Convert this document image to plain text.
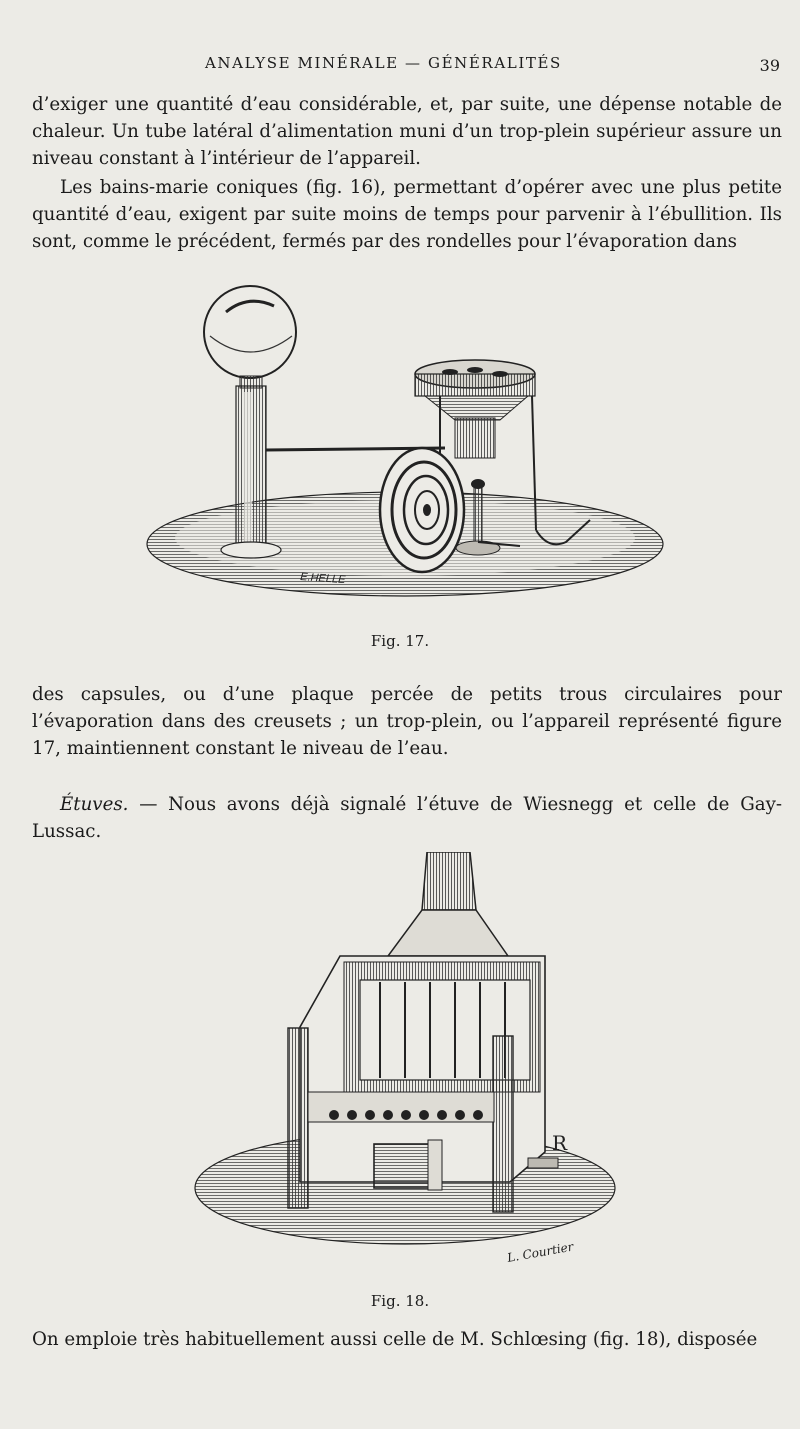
ANALYSE MINÉRALE — GÉNÉRALITÉS	39

d’exiger une quantité d’eau considérable, et, par suite, une dépense notable de chaleur. Un tube latéral d’alimentation muni d’un trop-plein supérieur assure un niveau constant à l’intérieur de l’appareil.

Les bains-marie coniques (fig. 16), permettant d’opérer avec une plus petite quantité d’eau, exigent par suite moins de temps pour parvenir à l’ébullition. Ils sont, comme le précédent, fermés par des rondelles pour l’évaporation dans

E.HELLE
Fig. 17.

des capsules, ou d’une plaque percée de petits trous circulaires pour l’évaporation dans des creusets ; un trop-plein, ou l’appareil représenté figure 17, maintiennent constant le niveau de l’eau.

Étuves. — Nous avons déjà signalé l’étuve de Wiesnegg et celle de Gay-Lussac.

R
L. Courtier
Fig. 18.

On emploie très habituellement aussi celle de M. Schlœsing (fig. 18), disposée
